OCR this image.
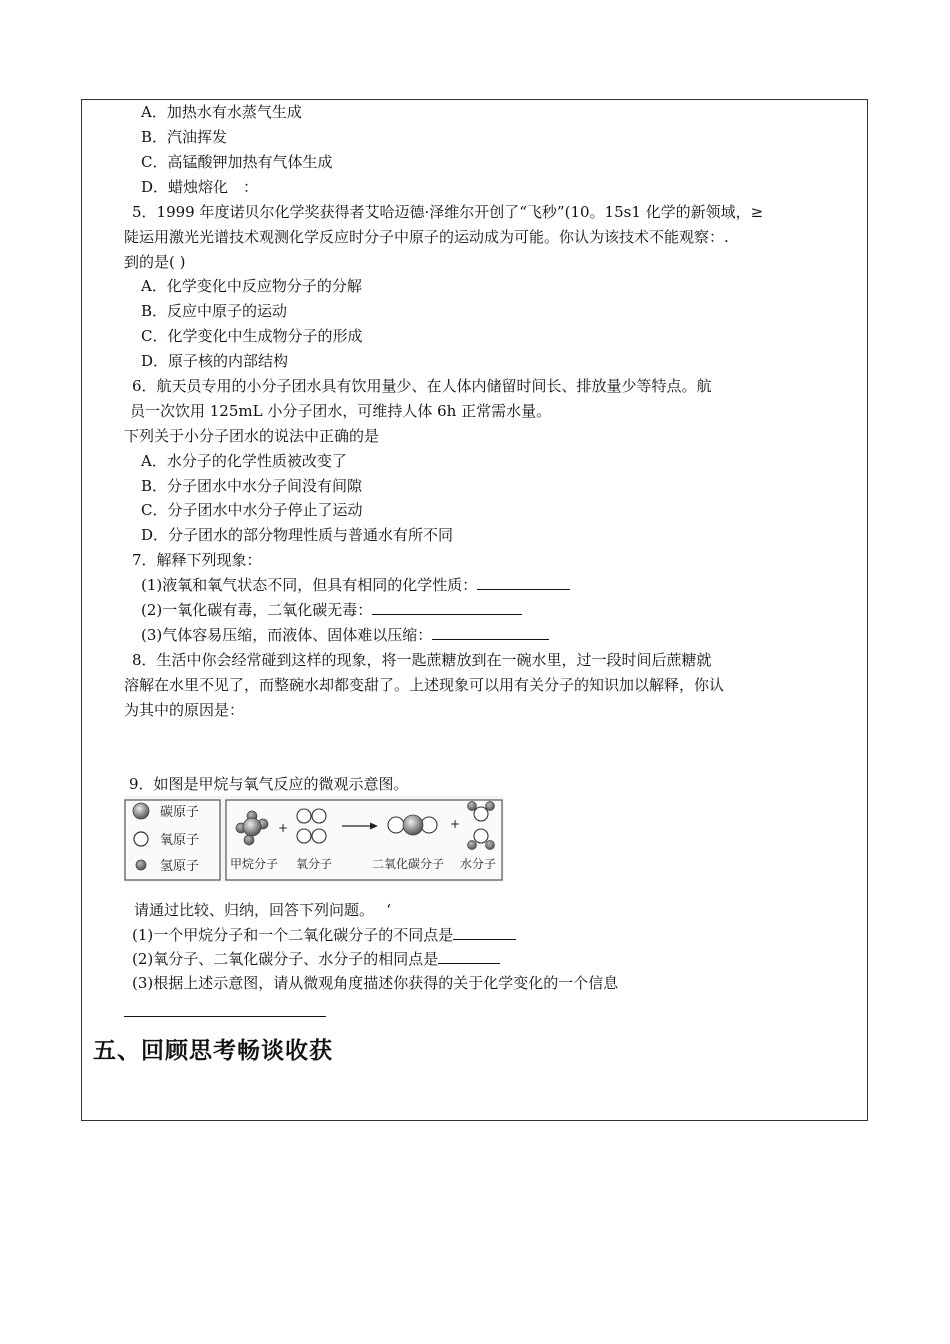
A．加热水有水蒸气生成
B．汽油挥发
C．高锰酸钾加热有气体生成
D．蜡烛熔化　：
5．1999 年度诺贝尔化学奖获得者艾哈迈德·泽维尔开创了“飞秒”(10。15s1 化学的新领域，≥
陡运用激光光谱技术观测化学反应时分子中原子的运动成为可能。你认为该技术不能观察：.
到的是( )
A．化学变化中反应物分子的分解
B．反应中原子的运动
C．化学变化中生成物分子的形成
D．原子核的内部结构
6．航天员专用的小分子团水具有饮用量少、在人体内储留时间长、排放量少等特点。航
员一次饮用 125mL 小分子团水，可维持人体 6h 正常需水量。
下列关于小分子团水的说法中正确的是
A．水分子的化学性质被改变了
B．分子团水中水分子间没有间隙
C．分子团水中水分子停止了运动
D．分子团水的部分物理性质与普通水有所不同
7．解释下列现象：
(1)液氧和氧气状态不同，但具有相同的化学性质：
(2)一氧化碳有毒，二氧化碳无毒：
(3)气体容易压缩，而液体、固体难以压缩：
8．生活中你会经常碰到这样的现象，将一匙蔗糖放到在一碗水里，过一段时间后蔗糖就
溶解在水里不见了，而整碗水却都变甜了。上述现象可以用有关分子的知识加以解释，你认
为其中的原因是：
9．如图是甲烷与氧气反应的微观示意图。
碳原子
氧原子
氢原子
+	+
甲烷分子 氧分子	二氧化碳分子 水分子
请通过比较、归纳，回答下列问题。　 ‘
(1)一个甲烷分子和一个二氧化碳分子的不同点是
(2)氧分子、二氧化碳分子、水分子的相同点是
(3)根据上述示意图，请从微观角度描述你获得的关于化学变化的一个信息
五、回顾思考畅谈收获
